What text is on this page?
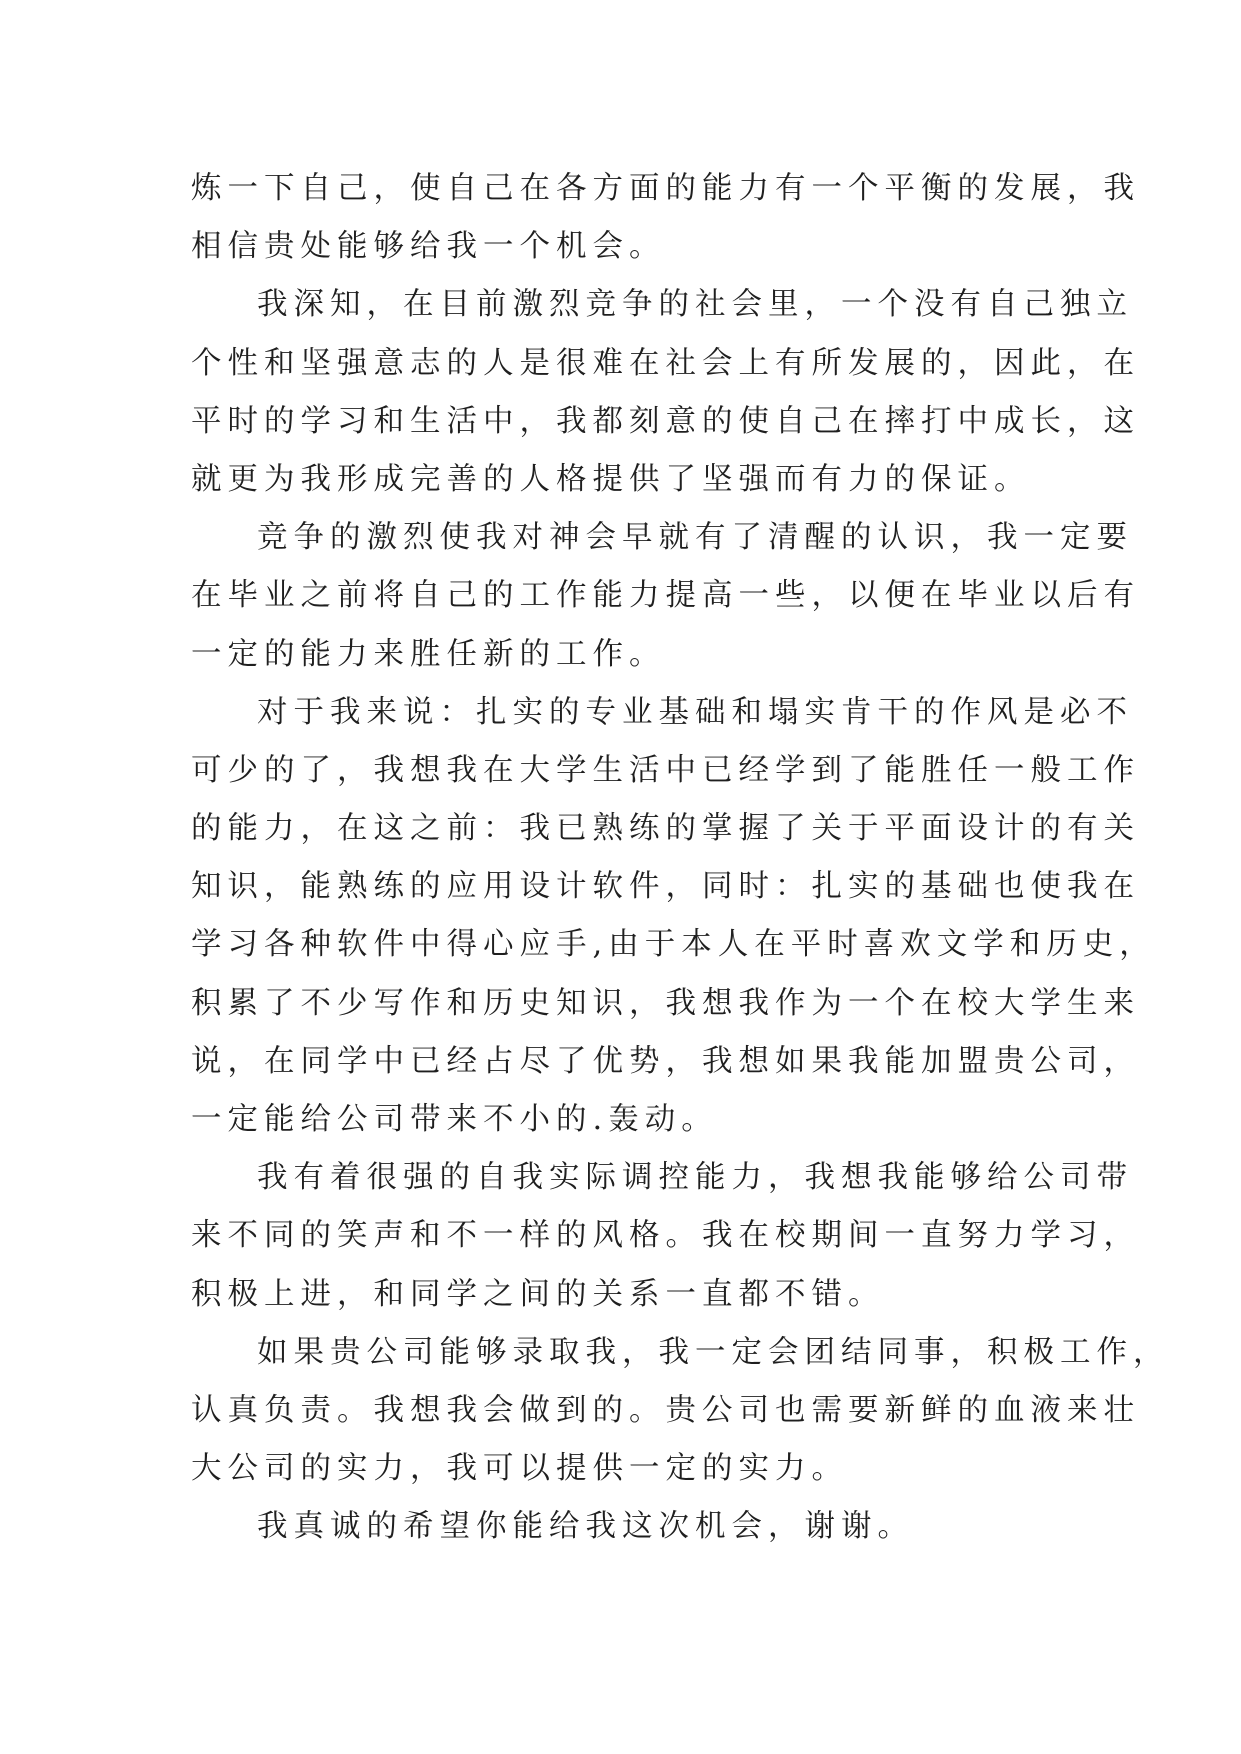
炼一下自己，使自己在各方面的能力有一个平衡的发展，我
相信贵处能够给我一个机会。
我深知，在目前激烈竞争的社会里，一个没有自己独立
个性和坚强意志的人是很难在社会上有所发展的，因此，在
平时的学习和生活中，我都刻意的使自己在摔打中成长，这
就更为我形成完善的人格提供了坚强而有力的保证。
竞争的激烈使我对神会早就有了清醒的认识，我一定要
在毕业之前将自己的工作能力提高一些，以便在毕业以后有
一定的能力来胜任新的工作。
对于我来说：扎实的专业基础和塌实肯干的作风是必不
可少的了，我想我在大学生活中已经学到了能胜任一般工作
的能力，在这之前：我已熟练的掌握了关于平面设计的有关
知识，能熟练的应用设计软件，同时：扎实的基础也使我在
学习各种软件中得心应手,由于本人在平时喜欢文学和历史，
积累了不少写作和历史知识，我想我作为一个在校大学生来
说，在同学中已经占尽了优势，我想如果我能加盟贵公司，
一定能给公司带来不小的.轰动。
我有着很强的自我实际调控能力，我想我能够给公司带
来不同的笑声和不一样的风格。我在校期间一直努力学习，
积极上进，和同学之间的关系一直都不错。
如果贵公司能够录取我，我一定会团结同事，积极工作，
认真负责。我想我会做到的。贵公司也需要新鲜的血液来壮
大公司的实力，我可以提供一定的实力。
我真诚的希望你能给我这次机会，谢谢。
